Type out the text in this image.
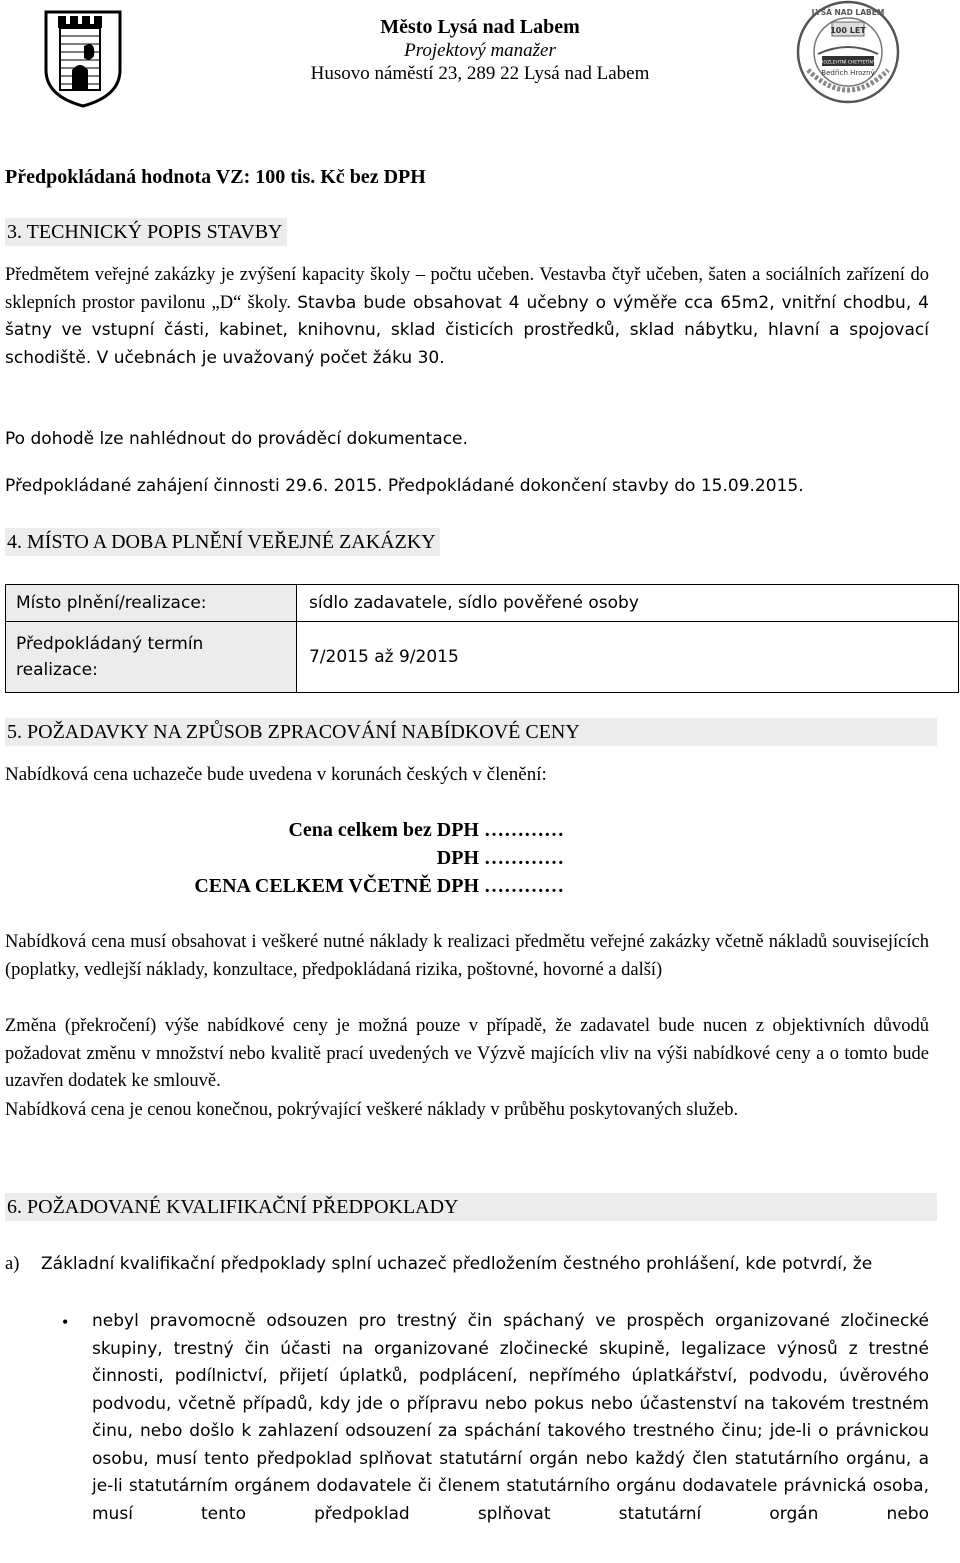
Město Lysá nad Labem
Projektový manažer
Husovo náměstí 23, 289 22 Lysá nad Labem
LYSÁ NAD LABEM
100 LET
ROZLEHTNÍ CHETTETÍNY
Bedřich Hrozný
Předpokládaná hodnota VZ: 100 tis. Kč bez DPH
3. TECHNICKÝ POPIS STAVBY
Předmětem veřejné zakázky je zvýšení kapacity školy – počtu učeben. Vestavba čtyř učeben, šaten a sociálních zařízení do sklepních prostor pavilonu „D“ školy. Stavba bude obsahovat 4 učebny o výměře cca 65m2, vnitřní chodbu, 4 šatny ve vstupní části, kabinet, knihovnu, sklad čisticích prostředků, sklad nábytku, hlavní a spojovací schodiště. V učebnách je uvažovaný počet žáku 30.
Po dohodě lze nahlédnout do prováděcí dokumentace.
Předpokládané zahájení činnosti 29.6. 2015. Předpokládané dokončení stavby do 15.09.2015.
4. MÍSTO A DOBA PLNĚNÍ VEŘEJNÉ ZAKÁZKY
Místo plnění/realizace:	sídlo zadavatele, sídlo pověřené osoby
Předpokládaný termín realizace:	7/2015 až 9/2015
5. POŽADAVKY NA ZPŮSOB ZPRACOVÁNÍ NABÍDKOVÉ CENY
Nabídková cena uchazeče bude uvedena v korunách českých v členění:
Cena celkem bez DPH …………
DPH …………
CENA CELKEM VČETNĚ DPH …………
Nabídková cena musí obsahovat i veškeré nutné náklady k realizaci předmětu veřejné zakázky včetně nákladů souvisejících (poplatky, vedlejší náklady, konzultace, předpokládaná rizika, poštovné, hovorné a další)
Změna (překročení) výše nabídkové ceny je možná pouze v případě, že zadavatel bude nucen z objektivních důvodů požadovat změnu v množství nebo kvalitě prací uvedených ve Výzvě majících vliv na výši nabídkové ceny a o tomto bude uzavřen dodatek ke smlouvě.
Nabídková cena je cenou konečnou, pokrývající veškeré náklady v průběhu poskytovaných služeb.
6. POŽADOVANÉ KVALIFIKAČNÍ PŘEDPOKLADY
a) Základní kvalifikační předpoklady splní uchazeč předložením čestného prohlášení, kde potvrdí, že
• nebyl pravomocně odsouzen pro trestný čin spáchaný ve prospěch organizované zločinecké skupiny, trestný čin účasti na organizované zločinecké skupině, legalizace výnosů z trestné činnosti, podílnictví, přijetí úplatků, podplácení, nepřímého úplatkářství, podvodu, úvěrového podvodu, včetně případů, kdy jde o přípravu nebo pokus nebo účastenství na takovém trestném činu, nebo došlo k zahlazení odsouzení za spáchání takového trestného činu; jde-li o právnickou osobu, musí tento předpoklad splňovat statutární orgán nebo každý člen statutárního orgánu, a je-li statutárním orgánem dodavatele či členem statutárního orgánu dodavatele právnická osoba, musí tento předpoklad splňovat statutární orgán nebo
